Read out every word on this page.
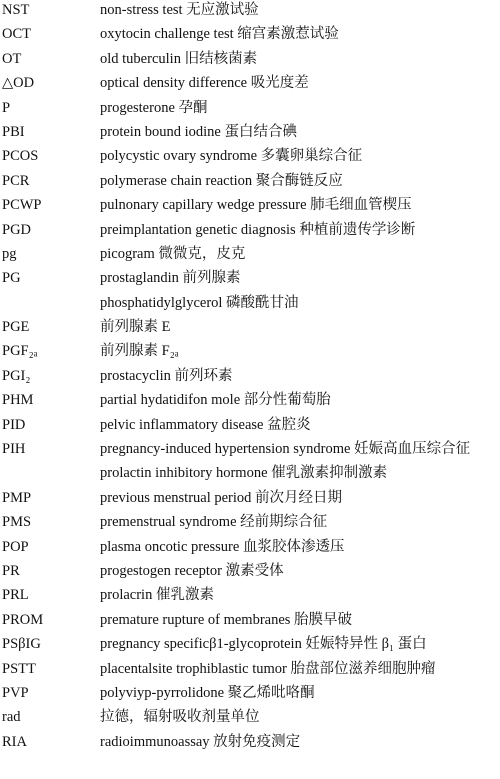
NST	non-stress test 无应激试验
OCT	oxytocin challenge test 缩宫素激惹试验
OT	old tuberculin 旧结核菌素
△OD	optical density difference 吸光度差
P	progesterone 孕酮
PBI	protein bound iodine 蛋白结合碘
PCOS	polycystic ovary syndrome 多囊卵巢综合征
PCR	polymerase chain reaction 聚合酶链反应
PCWP	pulnonary capillary wedge pressure 肺毛细血管楔压
PGD	preimplantation genetic diagnosis 种植前遗传学诊断
pg	picogram 微微克，皮克
PG	prostaglandin 前列腺素
phosphatidylglycerol 磷酸酰甘油
PGE	前列腺素 E
PGF₂ₐ	前列腺素 F₂ₐ
PGI₂	prostacyclin 前列环素
PHM	partial hydatidifon mole 部分性葡萄胎
PID	pelvic inflammatory disease 盆腔炎
PIH	pregnancy-induced hypertension syndrome 妊娠高血压综合征
prolactin inhibitory hormone 催乳激素抑制激素
PMP	previous menstrual period 前次月经日期
PMS	premenstrual syndrome 经前期综合征
POP	plasma oncotic pressure 血浆胶体渗透压
PR	progestogen receptor 激素受体
PRL	prolacrin 催乳激素
PROM	premature rupture of membranes 胎膜早破
PSβIG	pregnancy specificβ1-glycoprotein 妊娠特异性 β₁ 蛋白
PSTT	placentalsite trophiblastic tumor 胎盘部位滋养细胞肿瘤
PVP	polyviyp-pyrrolidone 聚乙烯吡咯酮
rad	拉德，辐射吸收剂量单位
RIA	radioimmunoassay 放射免疫测定
